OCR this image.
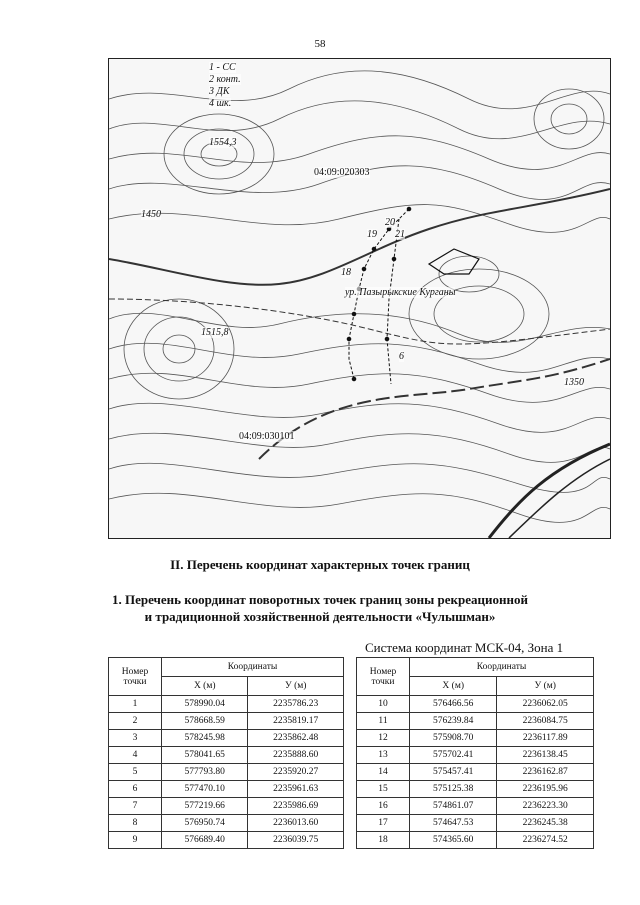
58
04:09:020303
04:09:030101
ур. Пазырыкские Курганы
1554,3
1515,8
1450
1350
1 - СС
2 конт.
3 ДК
4 шк.
6
18
19
20
21
II. Перечень координат характерных точек границ
1. Перечень координат поворотных точек границ зоны рекреационной
и традиционной хозяйственной деятельности «Чулышман»
Система координат МСК-04, Зона 1
Номер
точки	Координаты	
	X (м)	У (м)
1	578990.04	2235786.23
2	578668.59	2235819.17
3	578245.98	2235862.48
4	578041.65	2235888.60
5	577793.80	2235920.27
6	577470.10	2235961.63
7	577219.66	2235986.69
8	576950.74	2236013.60
9	576689.40	2236039.75
Номер
точки	Координаты	
	X (м)	У (м)
10	576466.56	2236062.05
11	576239.84	2236084.75
12	575908.70	2236117.89
13	575702.41	2236138.45
14	575457.41	2236162.87
15	575125.38	2236195.96
16	574861.07	2236223.30
17	574647.53	2236245.38
18	574365.60	2236274.52
